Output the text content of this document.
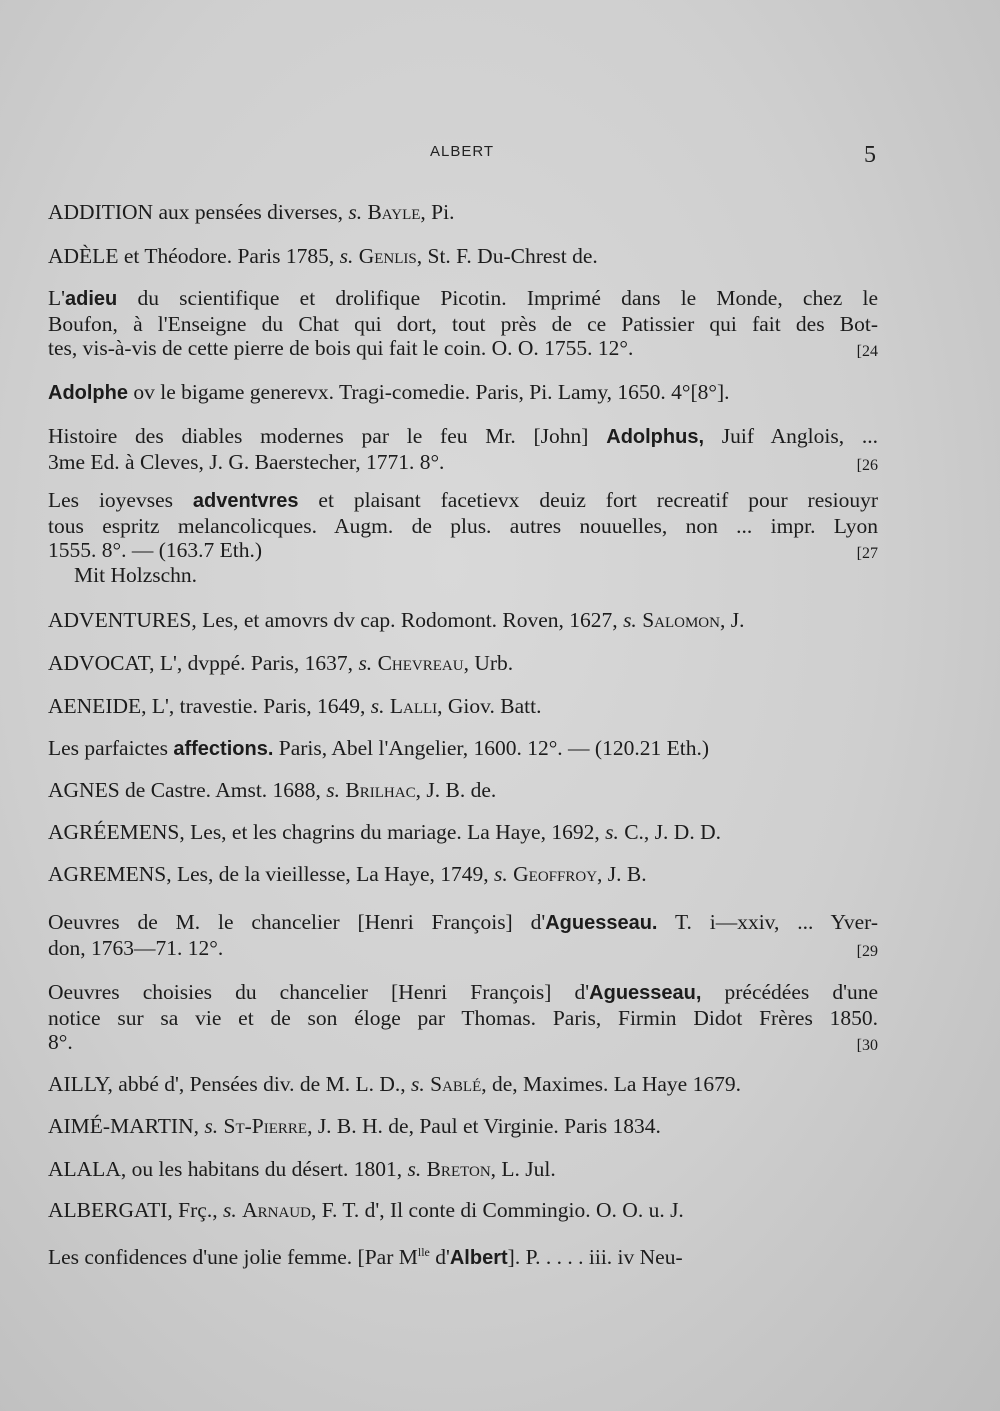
ALBERT	5
ADDITION aux pensées diverses, s. Bayle, Pi.
ADÈLE et Théodore. Paris 1785, s. Genlis, St. F. Du-Chrest de.
L'adieu du scientifique et drolifique Picotin. Imprimé dans le Monde, chez le
Boufon, à l'Enseigne du Chat qui dort, tout près de ce Patissier qui fait des Bot-
tes, vis-à-vis de cette pierre de bois qui fait le coin. O. O. 1755. 12°.	[24
Adolphe ov le bigame generevx. Tragi-comedie. Paris, Pi. Lamy, 1650. 4°[8°].
Histoire des diables modernes par le feu Mr. [John] Adolphus, Juif Anglois, ...
3me Ed. à Cleves, J. G. Baerstecher, 1771. 8°.	[26
Les ioyevses adventvres et plaisant facetievx deuiz fort recreatif pour resiouyr
tous espritz melancolicques. Augm. de plus. autres nouuelles, non ... impr. Lyon
1555. 8°. — (163.7 Eth.)	[27
Mit Holzschn.
ADVENTURES, Les, et amovrs dv cap. Rodomont. Roven, 1627, s. Salomon, J.
ADVOCAT, L', dvppé. Paris, 1637, s. Chevreau, Urb.
AENEIDE, L', travestie. Paris, 1649, s. Lalli, Giov. Batt.
Les parfaictes affections. Paris, Abel l'Angelier, 1600. 12°. — (120.21 Eth.)
AGNES de Castre. Amst. 1688, s. Brilhac, J. B. de.
AGRÉEMENS, Les, et les chagrins du mariage. La Haye, 1692, s. C., J. D. D.
AGREMENS, Les, de la vieillesse, La Haye, 1749, s. Geoffroy, J. B.
Oeuvres de M. le chancelier [Henri François] d'Aguesseau. T. i—xxiv, ... Yver-
don, 1763—71. 12°.	[29
Oeuvres choisies du chancelier [Henri François] d'Aguesseau, précédées d'une
notice sur sa vie et de son éloge par Thomas. Paris, Firmin Didot Frères 1850.
8°.	[30
AILLY, abbé d', Pensées div. de M. L. D., s. Sablé, de, Maximes. La Haye 1679.
AIMÉ-MARTIN, s. St-Pierre, J. B. H. de, Paul et Virginie. Paris 1834.
ALALA, ou les habitans du désert. 1801, s. Breton, L. Jul.
ALBERGATI, Frç., s. Arnaud, F. T. d', Il conte di Commingio. O. O. u. J.
Les confidences d'une jolie femme. [Par $M^{lle}$ d'Albert]. P. . . . . iii. iv Neu-
